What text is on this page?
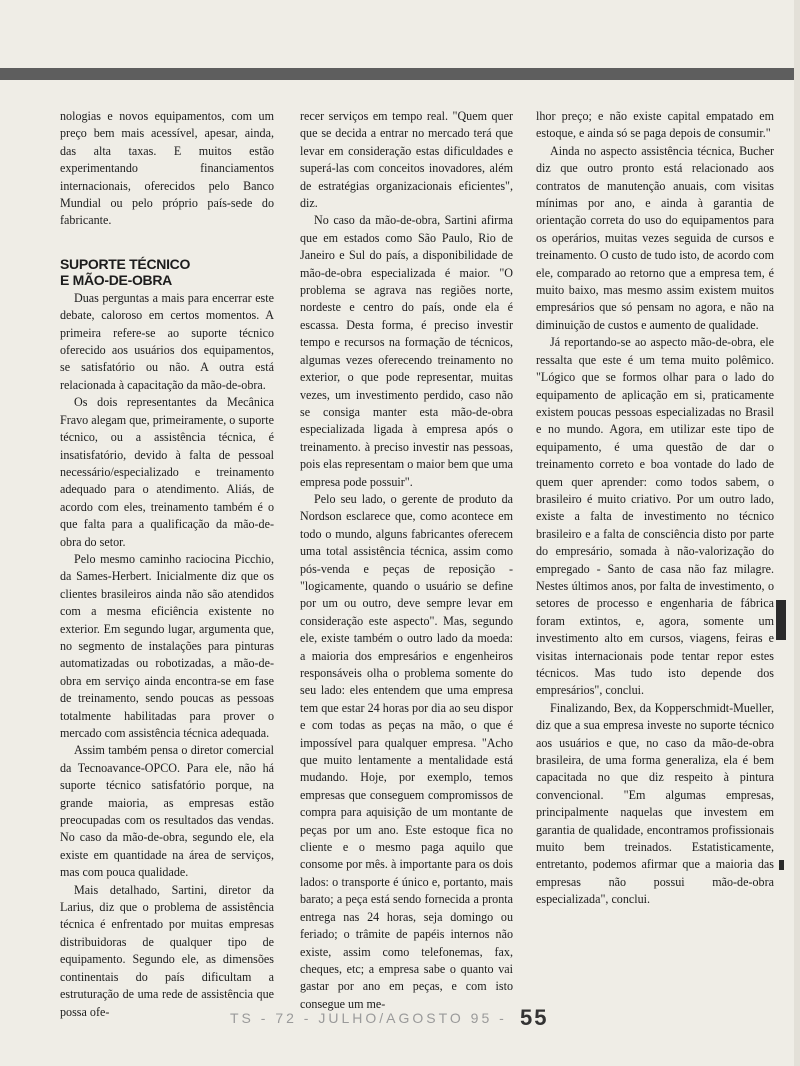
nologias e novos equipamentos, com um preço bem mais acessível, apesar, ainda, das alta taxas. E muitos estão experimentando financiamentos internacionais, oferecidos pelo Banco Mundial ou pelo próprio país-sede do fabricante.

SUPORTE TÉCNICO
E MÃO-DE-OBRA

Duas perguntas a mais para encerrar este debate, caloroso em certos momentos. A primeira refere-se ao suporte técnico oferecido aos usuários dos equipamentos, se satisfatório ou não. A outra está relacionada à capacitação da mão-de-obra.

Os dois representantes da Mecânica Fravo alegam que, primeiramente, o suporte técnico, ou a assistência técnica, é insatisfatório, devido à falta de pessoal necessário/especializado e treinamento adequado para o atendimento. Aliás, de acordo com eles, treinamento também é o que falta para a qualificação da mão-de-obra do setor.

Pelo mesmo caminho raciocina Picchio, da Sames-Herbert. Inicialmente diz que os clientes brasileiros ainda não são atendidos com a mesma eficiência existente no exterior. Em segundo lugar, argumenta que, no segmento de instalações para pinturas automatizadas ou robotizadas, a mão-de-obra em serviço ainda encontra-se em fase de treinamento, sendo poucas as pessoas totalmente habilitadas para prover o mercado com assistência técnica adequada.

Assim também pensa o diretor comercial da Tecnoavance-OPCO. Para ele, não há suporte técnico satisfatório porque, na grande maioria, as empresas estão preocupadas com os resultados das vendas. No caso da mão-de-obra, segundo ele, ela existe em quantidade na área de serviços, mas com pouca qualidade.

Mais detalhado, Sartini, diretor da Larius, diz que o problema de assistência técnica é enfrentado por muitas empresas distribuidoras de qualquer tipo de equipamento. Segundo ele, as dimensões continentais do país dificultam a estruturação de uma rede de assistência que possa ofe-

recer serviços em tempo real. "Quem quer que se decida a entrar no mercado terá que levar em consideração estas dificuldades e superá-las com conceitos inovadores, além de estratégias organizacionais eficientes", diz.

No caso da mão-de-obra, Sartini afirma que em estados como São Paulo, Rio de Janeiro e Sul do país, a disponibilidade de mão-de-obra especializada é maior. "O problema se agrava nas regiões norte, nordeste e centro do país, onde ela é escassa. Desta forma, é preciso investir tempo e recursos na formação de técnicos, algumas vezes oferecendo treinamento no exterior, o que pode representar, muitas vezes, um investimento perdido, caso não se consiga manter esta mão-de-obra especializada ligada à empresa após o treinamento. à preciso investir nas pessoas, pois elas representam o maior bem que uma empresa pode possuir".

Pelo seu lado, o gerente de produto da Nordson esclarece que, como acontece em todo o mundo, alguns fabricantes oferecem uma total assistência técnica, assim como pós-venda e peças de reposição - "logicamente, quando o usuário se define por um ou outro, deve sempre levar em consideração este aspecto". Mas, segundo ele, existe também o outro lado da moeda: a maioria dos empresários e engenheiros responsáveis olha o problema somente do seu lado: eles entendem que uma empresa tem que estar 24 horas por dia ao seu dispor e com todas as peças na mão, o que é impossível para qualquer empresa. "Acho que muito lentamente a mentalidade está mudando. Hoje, por exemplo, temos empresas que conseguem compromissos de compra para aquisição de um montante de peças por um ano. Este estoque fica no cliente e o mesmo paga aquilo que consome por mês. à importante para os dois lados: o transporte é único e, portanto, mais barato; a peça está sendo fornecida a pronta entrega nas 24 horas, seja domingo ou feriado; o trâmite de papéis internos não existe, assim como telefonemas, fax, cheques, etc; a empresa sabe o quanto vai gastar por ano em peças, e com isto consegue um me-

lhor preço; e não existe capital empatado em estoque, e ainda só se paga depois de consumir."

Ainda no aspecto assistência técnica, Bucher diz que outro pronto está relacionado aos contratos de manutenção anuais, com visitas mínimas por ano, e ainda à garantia de orientação correta do uso do equipamentos para os operários, muitas vezes seguida de cursos e treinamento. O custo de tudo isto, de acordo com ele, comparado ao retorno que a empresa tem, é muito baixo, mas mesmo assim existem muitos empresários que só pensam no agora, e não na diminuição de custos e aumento de qualidade.

Já reportando-se ao aspecto mão-de-obra, ele ressalta que este é um tema muito polêmico. "Lógico que se formos olhar para o lado do equipamento de aplicação em si, praticamente existem poucas pessoas especializadas no Brasil e no mundo. Agora, em utilizar este tipo de equipamento, é uma questão de dar o treinamento correto e boa vontade do lado de quem quer aprender: como todos sabem, o brasileiro é muito criativo. Por um outro lado, existe a falta de investimento no técnico brasileiro e a falta de consciência disto por parte do empresário, somada à não-valorização do empregado - Santo de casa não faz milagre. Nestes últimos anos, por falta de investimento, o setores de processo e engenharia de fábrica foram extintos, e, agora, somente um investimento alto em cursos, viagens, feiras e visitas internacionais pode tentar repor estes técnicos. Mas tudo isto depende dos empresários", conclui.

Finalizando, Bex, da Kopperschmidt-Mueller, diz que a sua empresa investe no suporte técnico aos usuários e que, no caso da mão-de-obra brasileira, de uma forma generaliza, ela é bem capacitada no que diz respeito à pintura convencional. "Em algumas empresas, principalmente naquelas que investem em garantia de qualidade, encontramos profissionais muito bem treinados. Estatisticamente, entretanto, podemos afirmar que a maioria das empresas não possui mão-de-obra especializada", conclui.

TS - 72 - JULHO/AGOSTO 95 - 55
